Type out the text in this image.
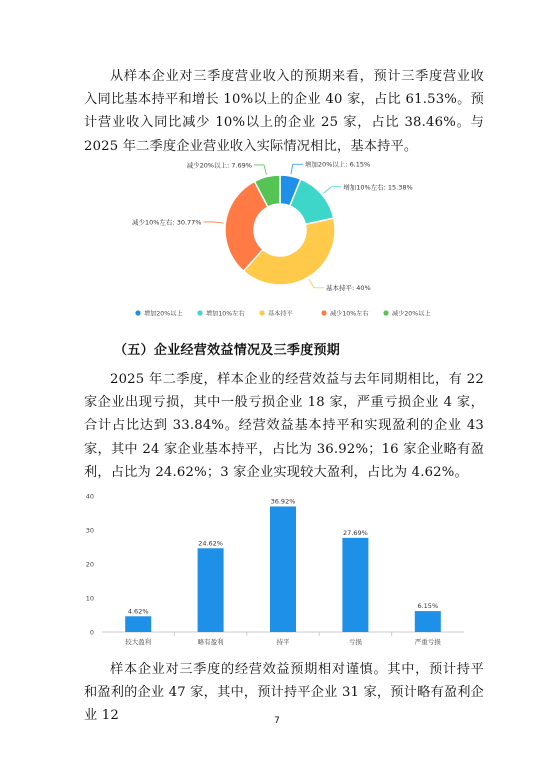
从样本企业对三季度营业收入的预期来看，预计三季度营业收入同比基本持平和增长 10%以上的企业 40 家，占比 61.53%。预计营业收入同比减少 10%以上的企业 25 家，占比 38.46%。与 2025 年二季度企业营业收入实际情况相比，基本持平。

增加20%以上: 6.15%
增加10%左右: 15.38%
基本持平: 40%
减少10%左右: 30.77%
减少20%以上: 7.69%
增加20%以上	增加10%左右	基本持平	减少10%左右	减少20%以上

（五）企业经营效益情况及三季度预期

2025 年二季度，样本企业的经营效益与去年同期相比，有 22 家企业出现亏损，其中一般亏损企业 18 家，严重亏损企业 4 家，合计占比达到 33.84%。经营效益基本持平和实现盈利的企业 43 家，其中 24 家企业基本持平，占比为 36.92%；16 家企业略有盈利，占比为 24.62%；3 家企业实现较大盈利，占比为 4.62%。

0
10
20
30
40
4.62%
较大盈利
24.62%
略有盈利
36.92%
持平
27.69%
亏损
6.15%
严重亏损

样本企业对三季度的经营效益预期相对谨慎。其中，预计持平和盈利的企业 47 家，其中，预计持平企业 31 家，预计略有盈利企业 12	7
